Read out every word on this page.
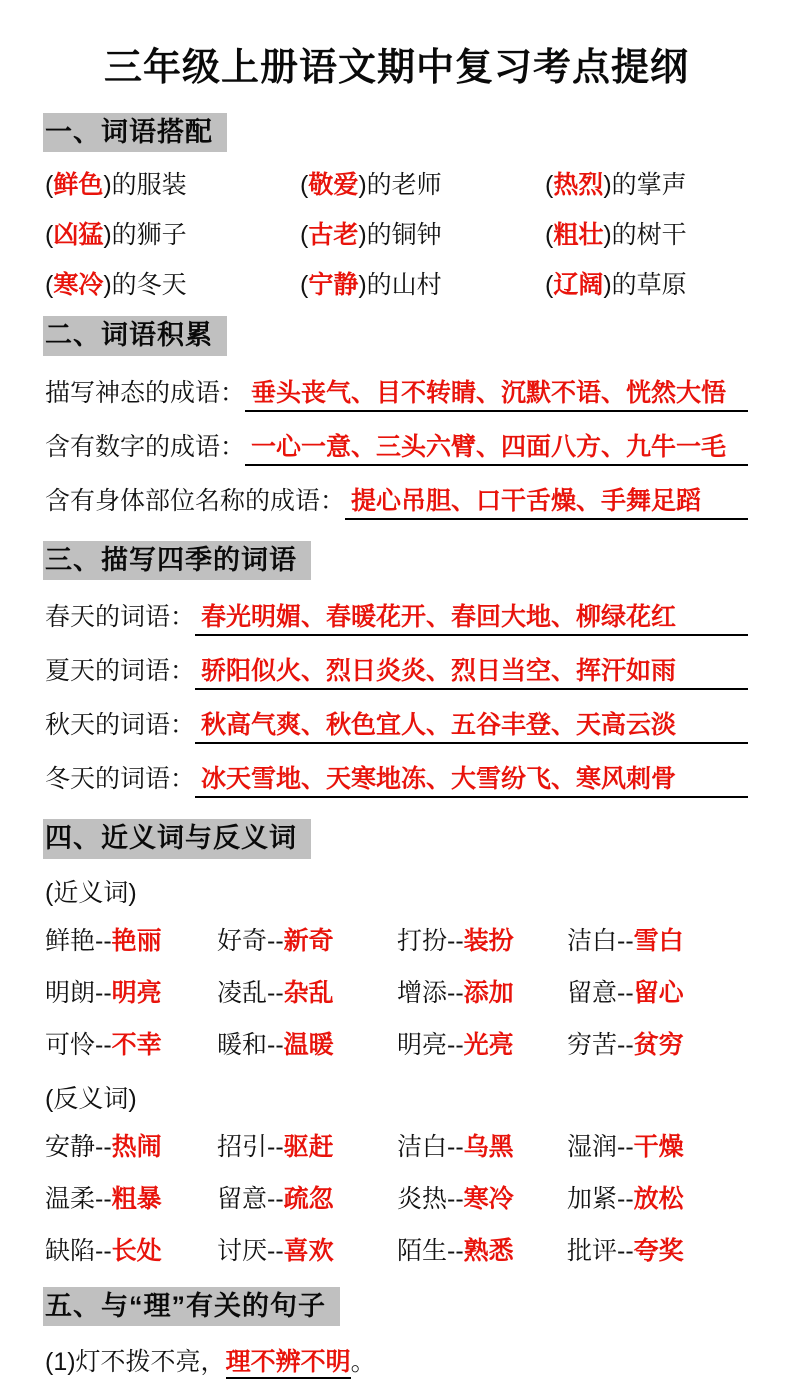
三年级上册语文期中复习考点提纲
一、词语搭配
(鲜色)的服装	(敬爱)的老师	(热烈)的掌声
(凶猛)的狮子	(古老)的铜钟	(粗壮)的树干
(寒冷)的冬天	(宁静)的山村	(辽阔)的草原
二、词语积累
描写神态的成语： 垂头丧气、目不转睛、沉默不语、恍然大悟
含有数字的成语： 一心一意、三头六臂、四面八方、九牛一毛
含有身体部位名称的成语： 提心吊胆、口干舌燥、手舞足蹈
三、描写四季的词语
春天的词语： 春光明媚、春暖花开、春回大地、柳绿花红
夏天的词语： 骄阳似火、烈日炎炎、烈日当空、挥汗如雨
秋天的词语： 秋高气爽、秋色宜人、五谷丰登、天高云淡
冬天的词语： 冰天雪地、天寒地冻、大雪纷飞、寒风刺骨
四、近义词与反义词
(近义词)
鲜艳--艳丽	好奇--新奇	打扮--装扮	洁白--雪白
明朗--明亮	凌乱--杂乱	增添--添加	留意--留心
可怜--不幸	暖和--温暖	明亮--光亮	穷苦--贫穷
(反义词)
安静--热闹	招引--驱赶	洁白--乌黑	湿润--干燥
温柔--粗暴	留意--疏忽	炎热--寒冷	加紧--放松
缺陷--长处	讨厌--喜欢	陌生--熟悉	批评--夸奖
五、与“理”有关的句子
(1)灯不拨不亮，理不辨不明。
